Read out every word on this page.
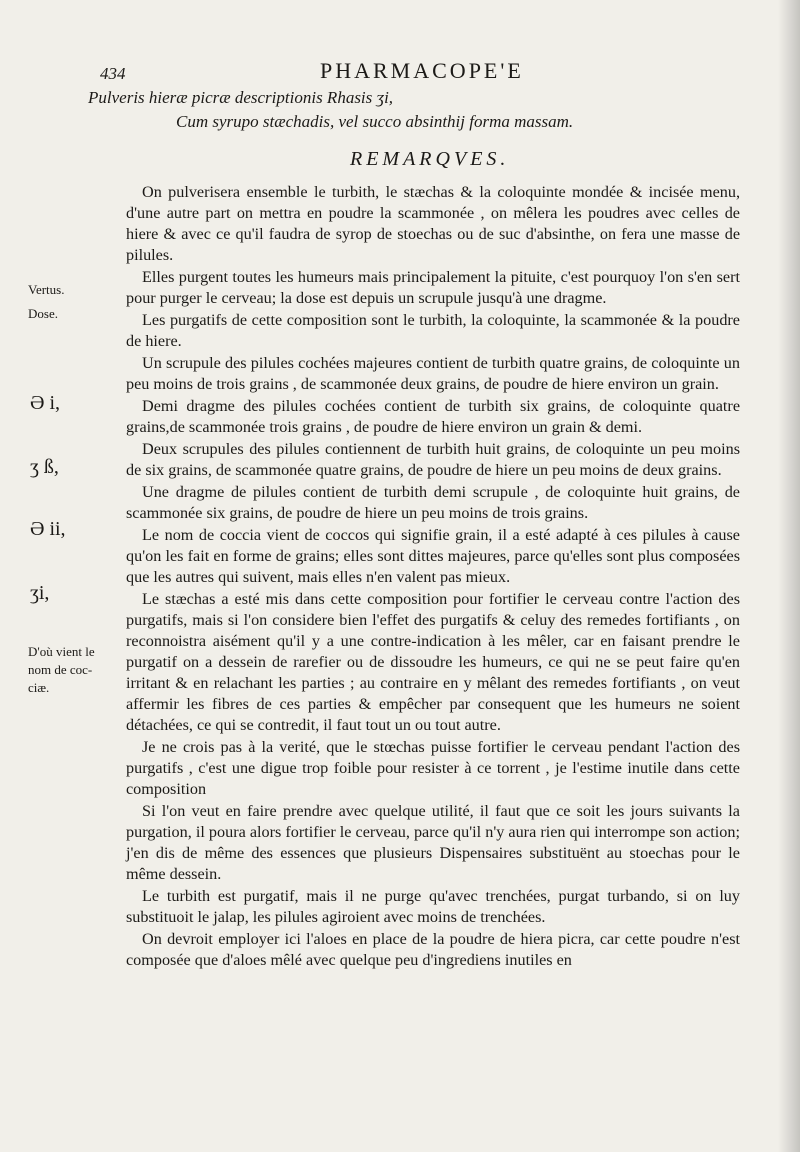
434	PHARMACOPE'E
Pulveris hieræ picræ descriptionis Rhasis ʒi,
Cum syrupo stæchadis, vel succo absinthij forma massam.
REMARQVES.
Vertus.
Dose.
Ə i,
ʒ ß,
Ə ii,
ʒi,
D'où vient le
nom de coc-
ciæ.

On pulverisera ensemble le turbith, le stæchas & la coloquinte mondée & incisée menu, d'une autre part on mettra en poudre la scammonée , on mêlera les poudres avec celles de hiere & avec ce qu'il faudra de syrop de stoechas ou de suc d'absinthe, on fera une masse de pilules.

Elles purgent toutes les humeurs mais principalement la pituite, c'est pourquoy l'on s'en sert pour purger le cerveau; la dose est depuis un scrupule jusqu'à une dragme.

Les purgatifs de cette composition sont le turbith, la coloquinte, la scammonée & la poudre de hiere.

Un scrupule des pilules cochées majeures contient de turbith quatre grains, de coloquinte un peu moins de trois grains , de scammonée deux grains, de poudre de hiere environ un grain.

Demi dragme des pilules cochées contient de turbith six grains, de coloquinte quatre grains,de scammonée trois grains , de poudre de hiere environ un grain & demi.

Deux scrupules des pilules contiennent de turbith huit grains, de coloquinte un peu moins de six grains, de scammonée quatre grains, de poudre de hiere un peu moins de deux grains.

Une dragme de pilules contient de turbith demi scrupule , de coloquinte huit grains, de scammonée six grains, de poudre de hiere un peu moins de trois grains.

Le nom de coccia vient de coccos qui signifie grain, il a esté adapté à ces pilules à cause qu'on les fait en forme de grains; elles sont dittes majeures, parce qu'elles sont plus composées que les autres qui suivent, mais elles n'en valent pas mieux.

Le stæchas a esté mis dans cette composition pour fortifier le cerveau contre l'action des purgatifs, mais si l'on considere bien l'effet des purgatifs & celuy des remedes fortifiants , on reconnoistra aisément qu'il y a une contre-indication à les mêler, car en faisant prendre le purgatif on a dessein de rarefier ou de dissoudre les humeurs, ce qui ne se peut faire qu'en irritant & en relachant les parties ; au contraire en y mêlant des remedes fortifiants , on veut affermir les fibres de ces parties & empêcher par consequent que les humeurs ne soient détachées, ce qui se contredit, il faut tout un ou tout autre.

Je ne crois pas à la verité, que le stœchas puisse fortifier le cerveau pendant l'action des purgatifs , c'est une digue trop foible pour resister à ce torrent , je l'estime inutile dans cette composition

Si l'on veut en faire prendre avec quelque utilité, il faut que ce soit les jours suivants la purgation, il poura alors fortifier le cerveau, parce qu'il n'y aura rien qui interrompe son action; j'en dis de même des essences que plusieurs Dispensaires substituënt au stoechas pour le même dessein.

Le turbith est purgatif, mais il ne purge qu'avec trenchées, purgat turbando, si on luy substituoit le jalap, les pilules agiroient avec moins de trenchées.

On devroit employer ici l'aloes en place de la poudre de hiera picra, car cette poudre n'est composée que d'aloes mêlé avec quelque peu d'ingrediens inutiles en
